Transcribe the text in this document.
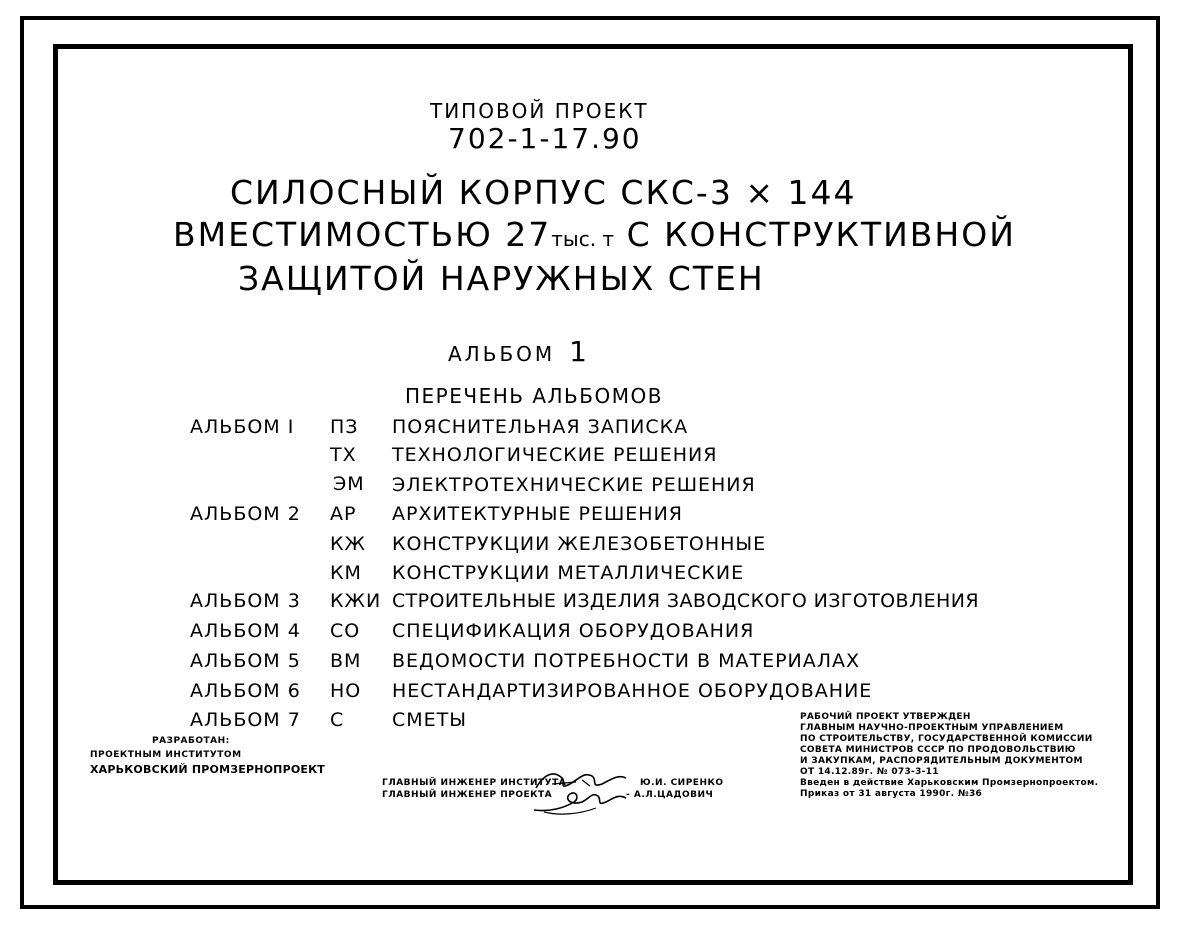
ТИПОВОЙ ПРОЕКТ
702-1-17.90
СИЛОСНЫЙ КОРПУС СКС-3 × 144
ВМЕСТИМОСТЬЮ 27тыс. т С КОНСТРУКТИВНОЙ
ЗАЩИТОЙ НАРУЖНЫХ СТЕН
АЛЬБОМ 1
ПЕРЕЧЕНЬ АЛЬБОМОВ
АЛЬБОМ I ПЗ ПОЯСНИТЕЛЬНАЯ ЗАПИСКА
ТХ ТЕХНОЛОГИЧЕСКИЕ РЕШЕНИЯ
ЭМ ЭЛЕКТРОТЕХНИЧЕСКИЕ РЕШЕНИЯ
АЛЬБОМ 2 АР АРХИТЕКТУРНЫЕ РЕШЕНИЯ
КЖ КОНСТРУКЦИИ ЖЕЛЕЗОБЕТОННЫЕ
КМ КОНСТРУКЦИИ МЕТАЛЛИЧЕСКИЕ
АЛЬБОМ 3 КЖИ СТРОИТЕЛЬНЫЕ ИЗДЕЛИЯ ЗАВОДСКОГО ИЗГОТОВЛЕНИЯ
АЛЬБОМ 4 СО СПЕЦИФИКАЦИЯ ОБОРУДОВАНИЯ
АЛЬБОМ 5 ВМ ВЕДОМОСТИ ПОТРЕБНОСТИ В МАТЕРИАЛАХ
АЛЬБОМ 6 НО НЕСТАНДАРТИЗИРОВАННОЕ ОБОРУДОВАНИЕ
АЛЬБОМ 7 С	СМЕТЫ
РАЗРАБОТАН:
ПРОЕКТНЫМ ИНСТИТУТОМ
ХАРЬКОВСКИЙ ПРОМЗЕРНОПРОЕКТ
ГЛАВНЫЙ ИНЖЕНЕР ИНСТИТУТА	Ю.И. СИРЕНКО
ГЛАВНЫЙ ИНЖЕНЕР ПРОЕКТА	- А.Л.ЦАДОВИЧ
РАБОЧИЙ ПРОЕКТ УТВЕРЖДЕН
ГЛАВНЫМ НАУЧНО-ПРОЕКТНЫМ УПРАВЛЕНИЕМ
ПО СТРОИТЕЛЬСТВУ, ГОСУДАРСТВЕННОЙ КОМИССИИ
СОВЕТА МИНИСТРОВ СССР ПО ПРОДОВОЛЬСТВИЮ
И ЗАКУПКАМ, РАСПОРЯДИТЕЛЬНЫМ ДОКУМЕНТОМ
ОТ 14.12.89г. № 073-3-11
Введен в действие Харьковским Промзернопроектом.
Приказ от 31 августа 1990г. №36
